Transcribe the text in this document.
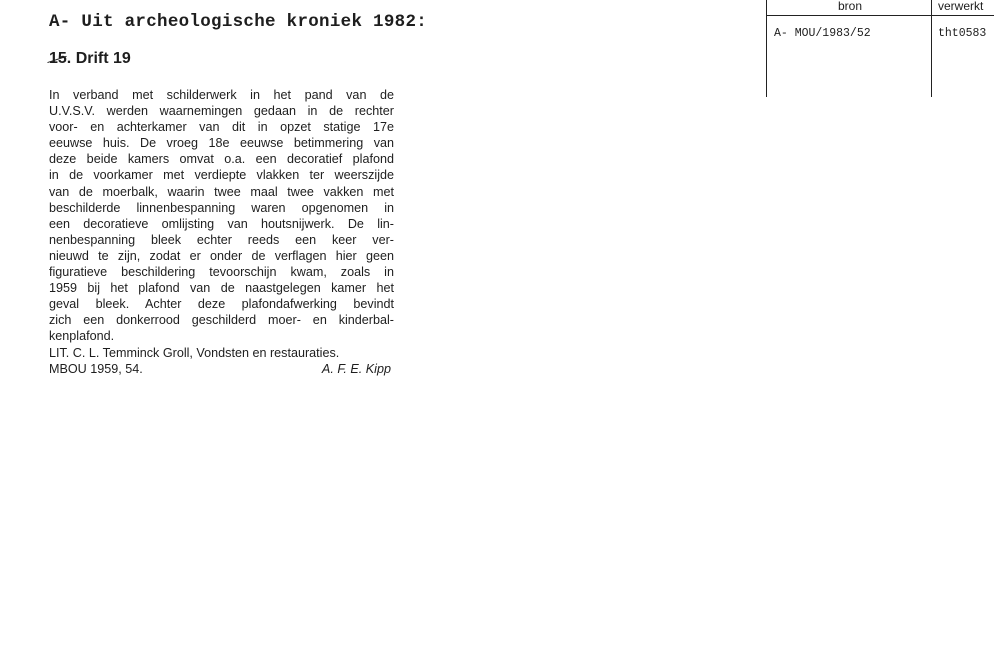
A- Uit archeologische kroniek 1982:
15. Drift 19
In verband met schilderwerk in het pand van de
U.V.S.V. werden waarnemingen gedaan in de rechter
voor- en achterkamer van dit in opzet statige 17e
eeuwse huis. De vroeg 18e eeuwse betimmering van
deze beide kamers omvat o.a. een decoratief plafond
in de voorkamer met verdiepte vlakken ter weerszijde
van de moerbalk, waarin twee maal twee vakken met
beschilderde linnenbespanning waren opgenomen in
een decoratieve omlijsting van houtsnijwerk. De lin-
nenbespanning bleek echter reeds een keer ver-
nieuwd te zijn, zodat er onder de verflagen hier geen
figuratieve beschildering tevoorschijn kwam, zoals in
1959 bij het plafond van de naastgelegen kamer het
geval bleek. Achter deze plafondafwerking bevindt
zich een donkerrood geschilderd moer- en kinderbal-
kenplafond.
LIT. C. L. Temminck Groll, Vondsten en restauraties.
MBOU 1959, 54.	A. F. E. Kipp
bron	verwerkt
A- MOU/1983/52	tht0583
